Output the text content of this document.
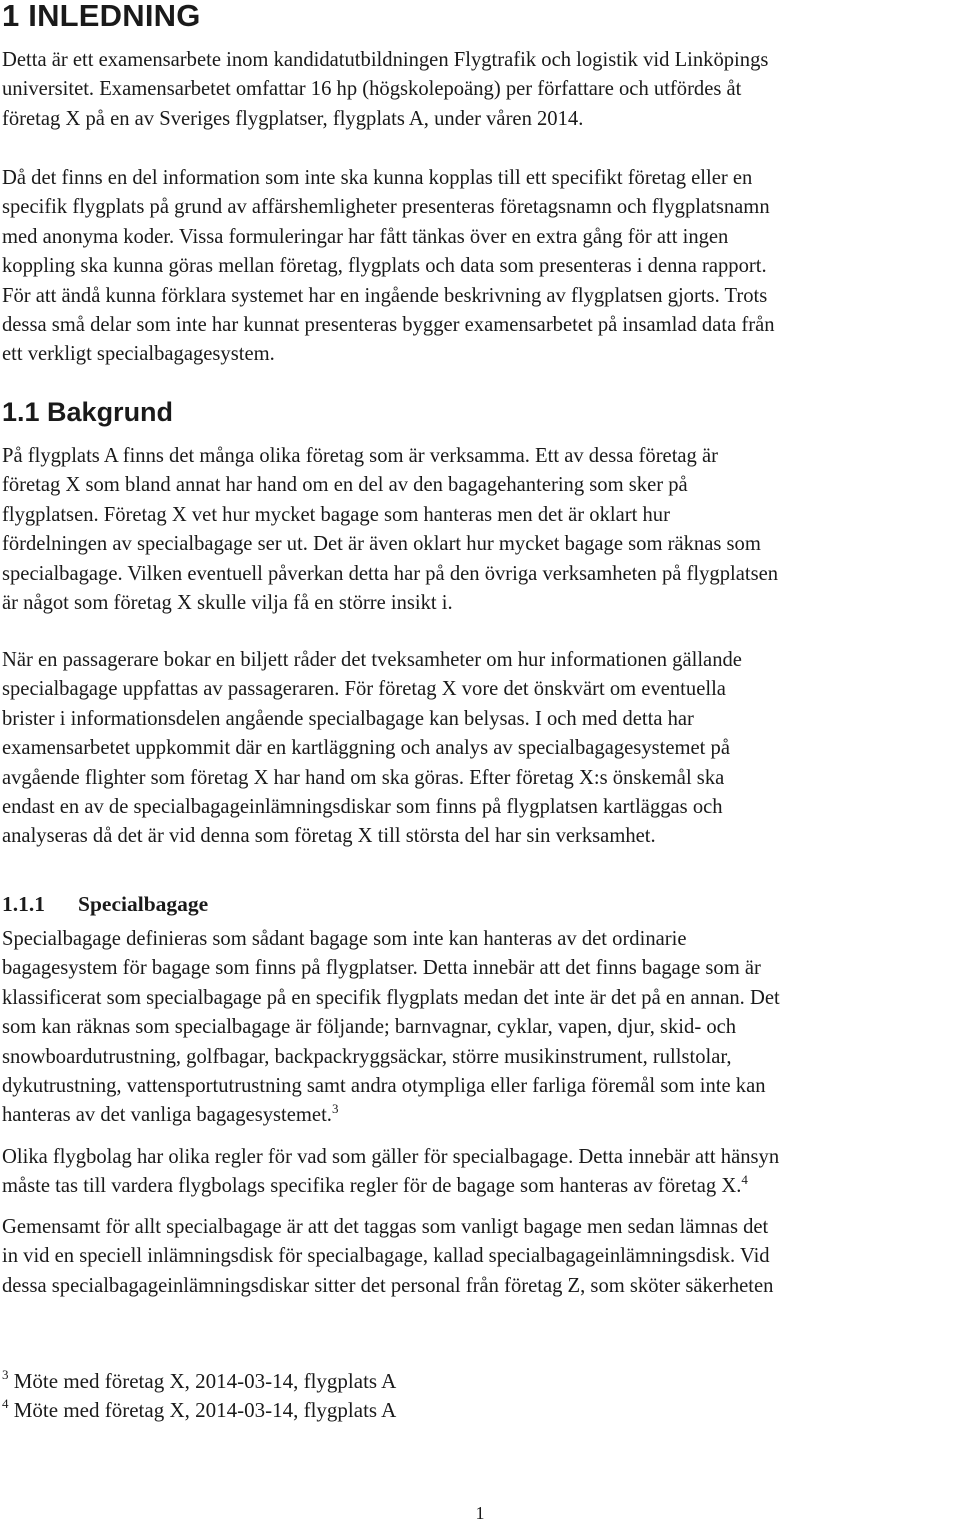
1 INLEDNING

Detta är ett examensarbete inom kandidatutbildningen Flygtrafik och logistik vid Linköpings
universitet. Examensarbetet omfattar 16 hp (högskolepoäng) per författare och utfördes åt
företag X på en av Sveriges flygplatser, flygplats A, under våren 2014.

Då det finns en del information som inte ska kunna kopplas till ett specifikt företag eller en
specifik flygplats på grund av affärshemligheter presenteras företagsnamn och flygplatsnamn
med anonyma koder. Vissa formuleringar har fått tänkas över en extra gång för att ingen
koppling ska kunna göras mellan företag, flygplats och data som presenteras i denna rapport.
För att ändå kunna förklara systemet har en ingående beskrivning av flygplatsen gjorts. Trots
dessa små delar som inte har kunnat presenteras bygger examensarbetet på insamlad data från
ett verkligt specialbagagesystem.

1.1 Bakgrund

På flygplats A finns det många olika företag som är verksamma. Ett av dessa företag är
företag X som bland annat har hand om en del av den bagagehantering som sker på
flygplatsen. Företag X vet hur mycket bagage som hanteras men det är oklart hur
fördelningen av specialbagage ser ut. Det är även oklart hur mycket bagage som räknas som
specialbagage. Vilken eventuell påverkan detta har på den övriga verksamheten på flygplatsen
är något som företag X skulle vilja få en större insikt i.

När en passagerare bokar en biljett råder det tveksamheter om hur informationen gällande
specialbagage uppfattas av passageraren. För företag X vore det önskvärt om eventuella
brister i informationsdelen angående specialbagage kan belysas. I och med detta har
examensarbetet uppkommit där en kartläggning och analys av specialbagagesystemet på
avgående flighter som företag X har hand om ska göras. Efter företag X:s önskemål ska
endast en av de specialbagageinlämningsdiskar som finns på flygplatsen kartläggas och
analyseras då det är vid denna som företag X till största del har sin verksamhet.

1.1.1 Specialbagage

Specialbagage definieras som sådant bagage som inte kan hanteras av det ordinarie
bagagesystem för bagage som finns på flygplatser. Detta innebär att det finns bagage som är
klassificerat som specialbagage på en specifik flygplats medan det inte är det på en annan. Det
som kan räknas som specialbagage är följande; barnvagnar, cyklar, vapen, djur, skid- och
snowboardutrustning, golfbagar, backpackryggsäckar, större musikinstrument, rullstolar,
dykutrustning, vattensportutrustning samt andra otympliga eller farliga föremål som inte kan
hanteras av det vanliga bagagesystemet.$^3$

Olika flygbolag har olika regler för vad som gäller för specialbagage. Detta innebär att hänsyn
måste tas till vardera flygbolags specifika regler för de bagage som hanteras av företag X.$^4$

Gemensamt för allt specialbagage är att det taggas som vanligt bagage men sedan lämnas det
in vid en speciell inlämningsdisk för specialbagage, kallad specialbagageinlämningsdisk. Vid
dessa specialbagageinlämningsdiskar sitter det personal från företag Z, som sköter säkerheten

$^3$ Möte med företag X, 2014-03-14, flygplats A

$^4$ Möte med företag X, 2014-03-14, flygplats A

1
